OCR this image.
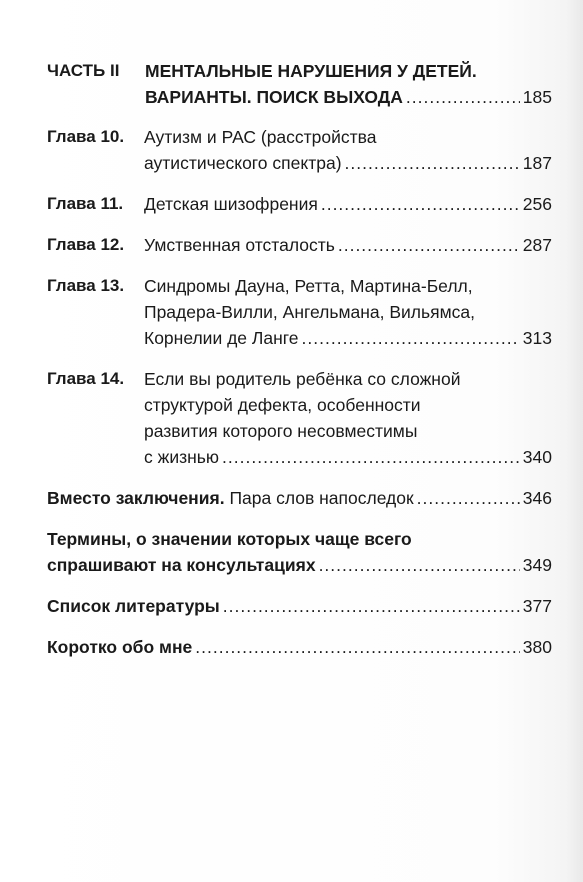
ЧАСТЬ II	МЕНТАЛЬНЫЕ НАРУШЕНИЯ У ДЕТЕЙ.
ВАРИАНТЫ. ПОИСК ВЫХОДА .....	185
Глава 10.	Аутизм и РАС (расстройства
аутистического спектра) .....	187
Глава 11.	Детская шизофрения .....	256
Глава 12.	Умственная отсталость .....	287
Глава 13.	Синдромы Дауна, Ретта, Мартина-Белл,
Прадера-Вилли, Ангельмана, Вильямса,
Корнелии де Ланге .....	313
Глава 14.	Если вы родитель ребёнка со сложной
структурой дефекта, особенности
развития которого несовместимы
с жизнью .....	340
Вместо заключения. Пара слов напоследок .....	346
Термины, о значении которых чаще всего
спрашивают на консультациях .....	349
Список литературы .....	377
Коротко обо мне .....	380
